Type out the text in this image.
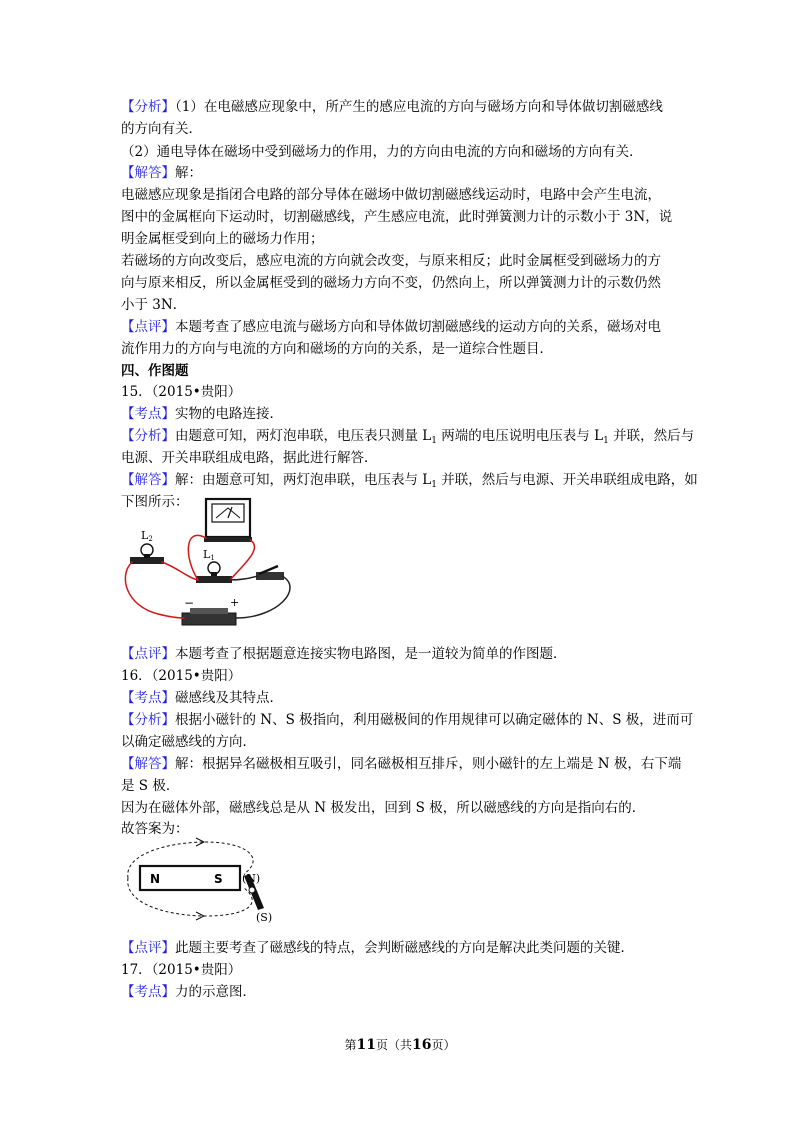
【分析】（1）在电磁感应现象中，所产生的感应电流的方向与磁场方向和导体做切割磁感线
的方向有关．
（2）通电导体在磁场中受到磁场力的作用，力的方向由电流的方向和磁场的方向有关．
【解答】解：
电磁感应现象是指闭合电路的部分导体在磁场中做切割磁感线运动时，电路中会产生电流，
图中的金属框向下运动时，切割磁感线，产生感应电流，此时弹簧测力计的示数小于 3N，说
明金属框受到向上的磁场力作用；
若磁场的方向改变后，感应电流的方向就会改变，与原来相反；此时金属框受到磁场力的方
向与原来相反，所以金属框受到的磁场力方向不变，仍然向上，所以弹簧测力计的示数仍然
小于 3N．
【点评】本题考查了感应电流与磁场方向和导体做切割磁感线的运动方向的关系，磁场对电
流作用力的方向与电流的方向和磁场的方向的关系，是一道综合性题目．
四、作图题
15．（2015•贵阳）
【考点】实物的电路连接．
【分析】由题意可知，两灯泡串联，电压表只测量 $L_1$ 两端的电压说明电压表与 $L_1$ 并联，然后与
电源、开关串联组成电路，据此进行解答．
【解答】解：由题意可知，两灯泡串联，电压表与 $L_1$ 并联，然后与电源、开关串联组成电路，如
下图所示：
L2
L1
−	+
【点评】本题考查了根据题意连接实物电路图，是一道较为简单的作图题．
16．（2015•贵阳）
【考点】磁感线及其特点．
【分析】根据小磁针的 N、S 极指向，利用磁极间的作用规律可以确定磁体的 N、S 极，进而可
以确定磁感线的方向．
【解答】解：根据异名磁极相互吸引，同名磁极相互排斥，则小磁针的左上端是 N 极，右下端
是 S 极．
因为在磁体外部，磁感线总是从 N 极发出，回到 S 极，所以磁感线的方向是指向右的．
故答案为：
N	S (N)
(S)
【点评】此题主要考查了磁感线的特点，会判断磁感线的方向是解决此类问题的关键．
17．（2015•贵阳）
【考点】力的示意图．
第11页（共16页）
